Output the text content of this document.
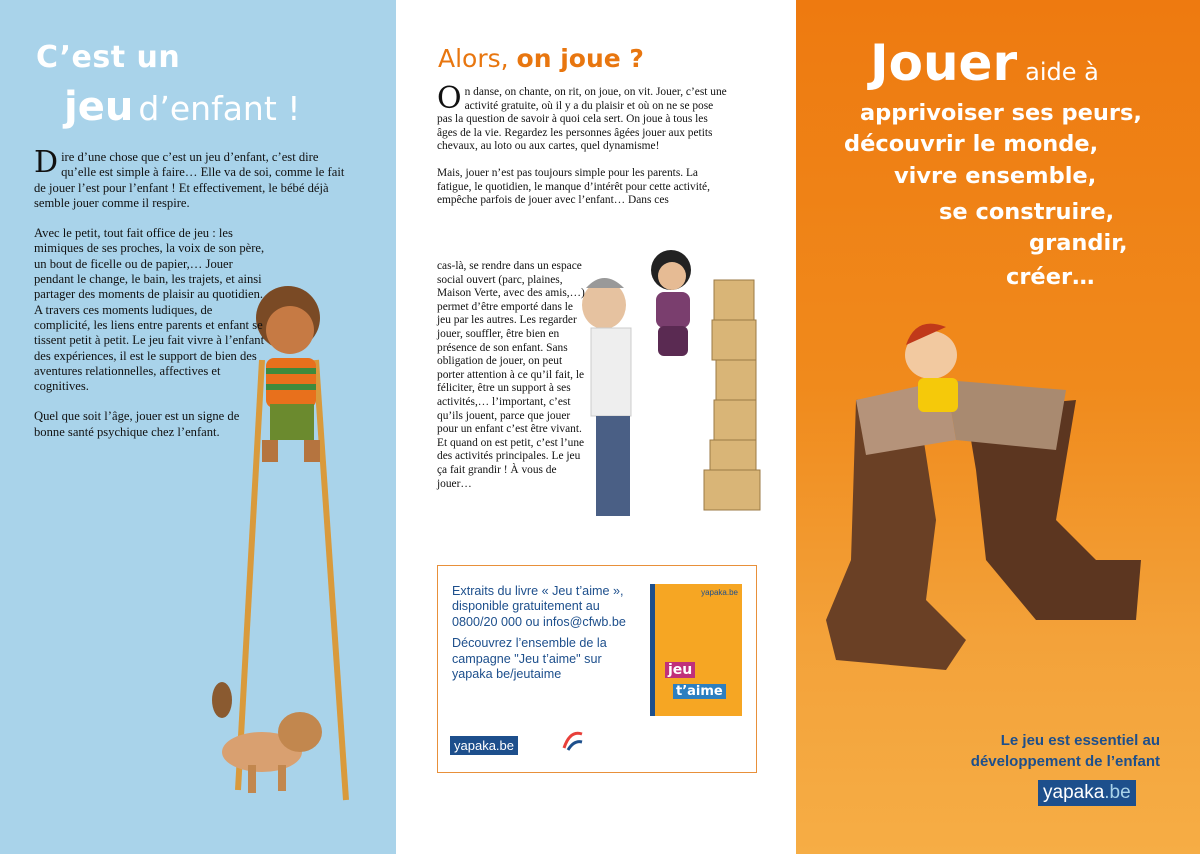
C’est un
jeu d’enfant !

Dire d’une chose que c’est un jeu d’enfant, c’est dire qu’elle est simple à faire… Elle va de soi, comme le fait de jouer l’est pour l’enfant ! Et effectivement, le bébé déjà semble jouer comme il respire.

Avec le petit, tout fait office de jeu : les mimiques de ses proches, la voix de son père, un bout de ficelle ou de papier,… Jouer pendant le change, le bain, les trajets, et ainsi partager des moments de plaisir au quotidien. A travers ces moments ludiques, de complicité, les liens entre parents et enfant se tissent petit à petit. Le jeu fait vivre à l’enfant des expériences, il est le support de bien des aventures relationnelles, affectives et cognitives.

Quel que soit l’âge, jouer est un signe de bonne santé psychique chez l’enfant.

Alors, on joue ?

On danse, on chante, on rit, on joue, on vit. Jouer, c’est une activité gratuite, où il y a du plaisir et où on ne se pose pas la question de savoir à quoi cela sert. On joue à tous les âges de la vie. Regardez les personnes âgées jouer aux petits chevaux, au loto ou aux cartes, quel dynamisme!

Mais, jouer n’est pas toujours simple pour les parents. La fatigue, le quotidien, le manque d’intérêt pour cette activité, empêche parfois de jouer avec l’enfant… Dans ces

cas-là, se rendre dans un espace social ouvert (parc, plaines, Maison Verte, avec des amis,…) permet d’être emporté dans le jeu par les autres. Les regarder jouer, souffler, être bien en présence de son enfant. Sans obligation de jouer, on peut porter attention à ce qu’il fait, le féliciter, être un support à ses activités,… l’important, c’est qu’ils jouent, parce que jouer pour un enfant c’est être vivant. Et quand on est petit, c’est l’une des activités principales. Le jeu ça fait grandir ! À vous de jouer…

Extraits du livre « Jeu t’aime », disponible gratuitement au 0800/20 000 ou infos@cfwb.be

Découvrez l’ensemble de la campagne "Jeu t’aime" sur yapaka be/jeutaime

yapaka.be
yapaka.be
jeu
t’aime
Jouer aide à
apprivoiser ses peurs,
découvrir le monde,
vivre ensemble,
se construire,
grandir,
créer…
Le jeu est essentiel au
développement de l’enfant
yapaka.be
